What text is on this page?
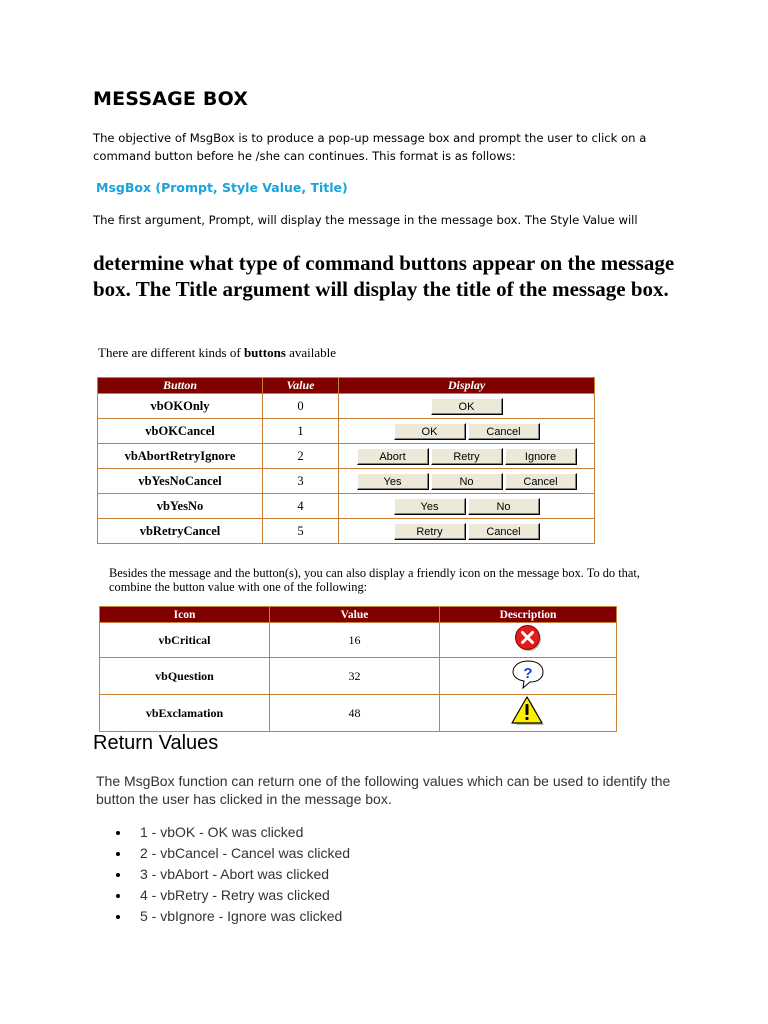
MESSAGE BOX
The objective of MsgBox is to produce a pop-up message box and prompt the user to click on a command button before he /she can continues. This format is as follows:
MsgBox (Prompt, Style Value, Title)
The first argument, Prompt, will display the message in the message box. The Style Value will
determine what type of command buttons appear on the message box. The Title argument will display the title of the message box.
There are different kinds of buttons available
Button	Value	Display
vbOKOnly	0	OK

vbOKCancel	1	OK Cancel

vbAbortRetryIgnore	2	Abort Retry Ignore

vbYesNoCancel	3	Yes No Cancel

vbYesNo	4	Yes No

vbRetryCancel	5	Retry Cancel
Besides the message and the button(s), you can also display a friendly icon on the message box. To do that, combine the button value with one of the following:
Icon	Value	Description
vbCritical	16	
vbQuestion	32	?

vbExclamation	48	
Return Values
The MsgBox function can return one of the following values which can be used to identify the button the user has clicked in the message box.
1 - vbOK - OK was clicked
2 - vbCancel - Cancel was clicked
3 - vbAbort - Abort was clicked
4 - vbRetry - Retry was clicked
5 - vbIgnore - Ignore was clicked
